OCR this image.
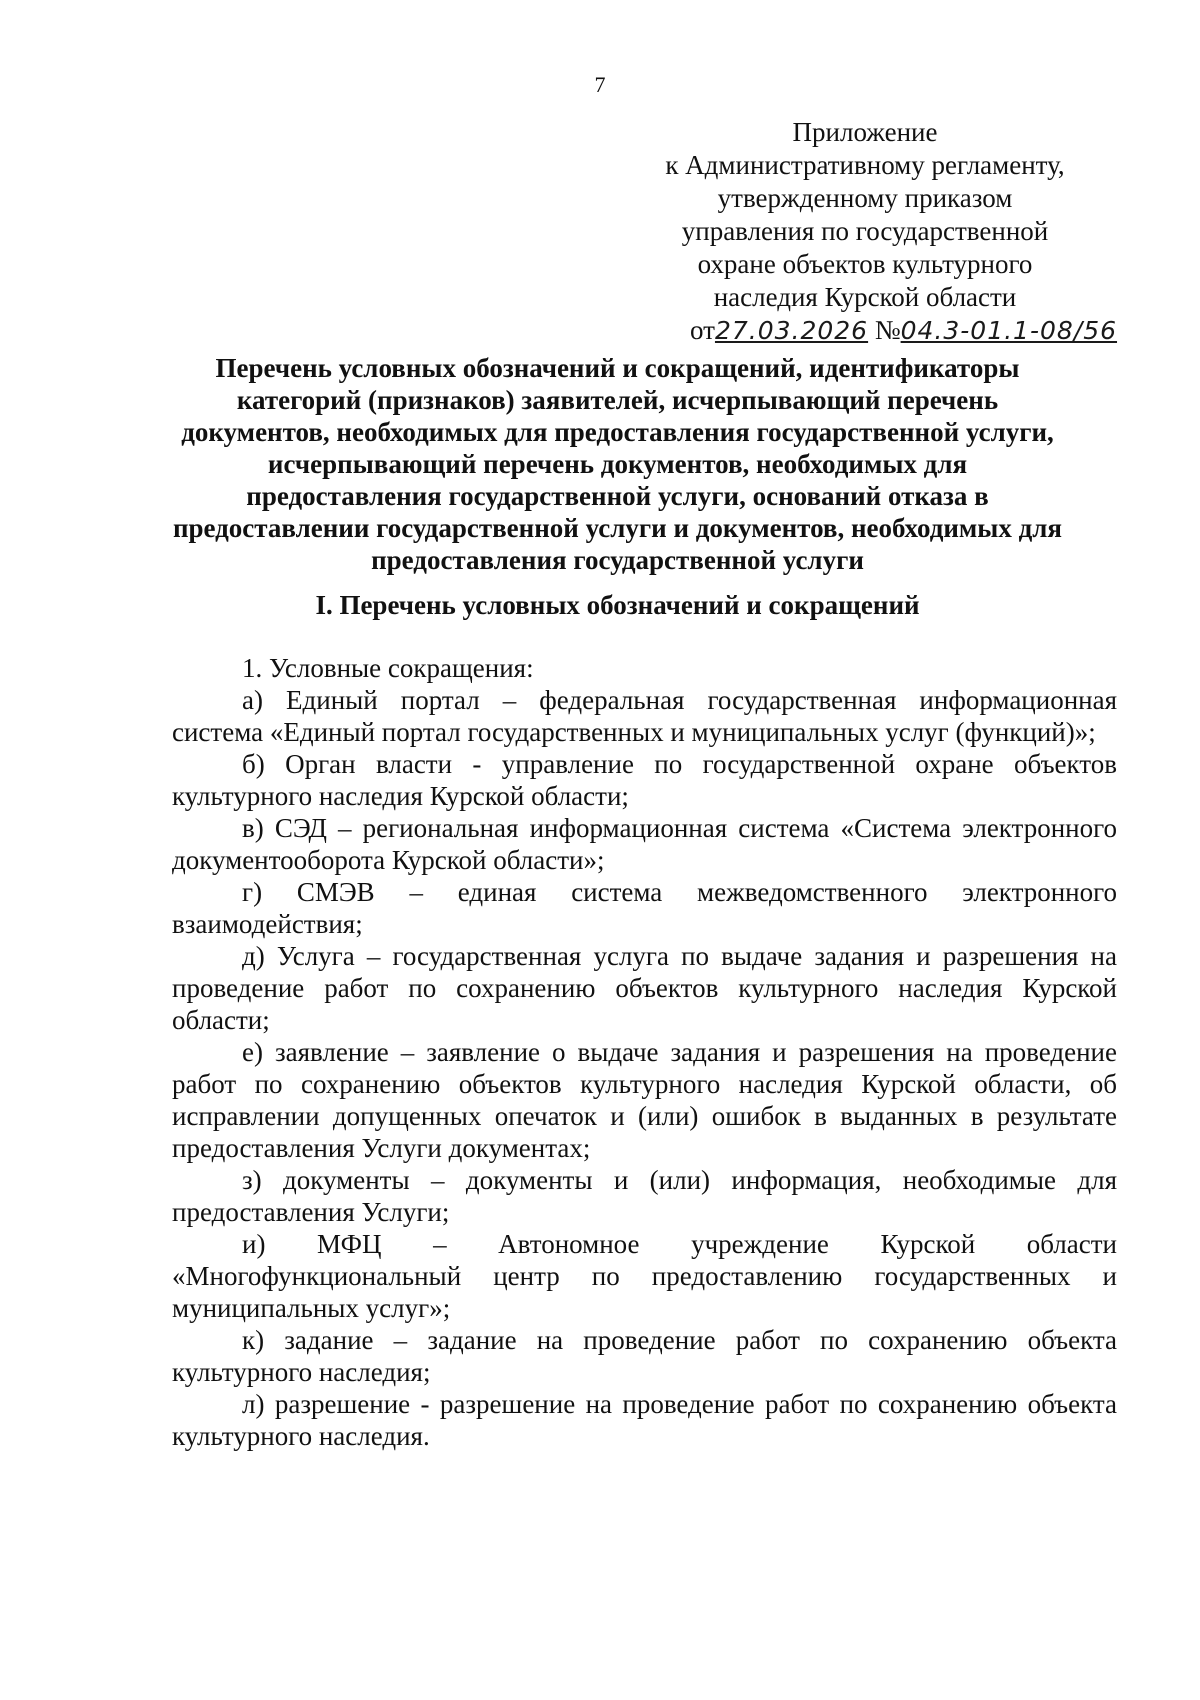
7
Приложение
к Административному регламенту,
утвержденному приказом
управления по государственной
охране объектов культурного
наследия Курской области
от27.03.2026 №04.3-01.1-08/56
Перечень условных обозначений и сокращений, идентификаторы
категорий (признаков) заявителей, исчерпывающий перечень
документов, необходимых для предоставления государственной услуги,
исчерпывающий перечень документов, необходимых для
предоставления государственной услуги, оснований отказа в
предоставлении государственной услуги и документов, необходимых для
предоставления государственной услуги
I. Перечень условных обозначений и сокращений

1. Условные сокращения:

а) Единый портал – федеральная государственная информационная система «Единый портал государственных и муниципальных услуг (функций)»;

б) Орган власти - управление по государственной охране объектов культурного наследия Курской области;

в) СЭД – региональная информационная система «Система электронного документооборота Курской области»;

г) СМЭВ – единая система межведомственного электронного взаимодействия;

д) Услуга – государственная услуга по выдаче задания и разрешения на проведение работ по сохранению объектов культурного наследия Курской области;

е) заявление – заявление о выдаче задания и разрешения на проведение работ по сохранению объектов культурного наследия Курской области, об исправлении допущенных опечаток и (или) ошибок в выданных в результате предоставления Услуги документах;

з) документы – документы и (или) информация, необходимые для предоставления Услуги;

и) МФЦ – Автономное учреждение Курской области «Многофункциональный центр по предоставлению государственных и муниципальных услуг»;

к) задание – задание на проведение работ по сохранению объекта культурного наследия;

л) разрешение - разрешение на проведение работ по сохранению объекта культурного наследия.
